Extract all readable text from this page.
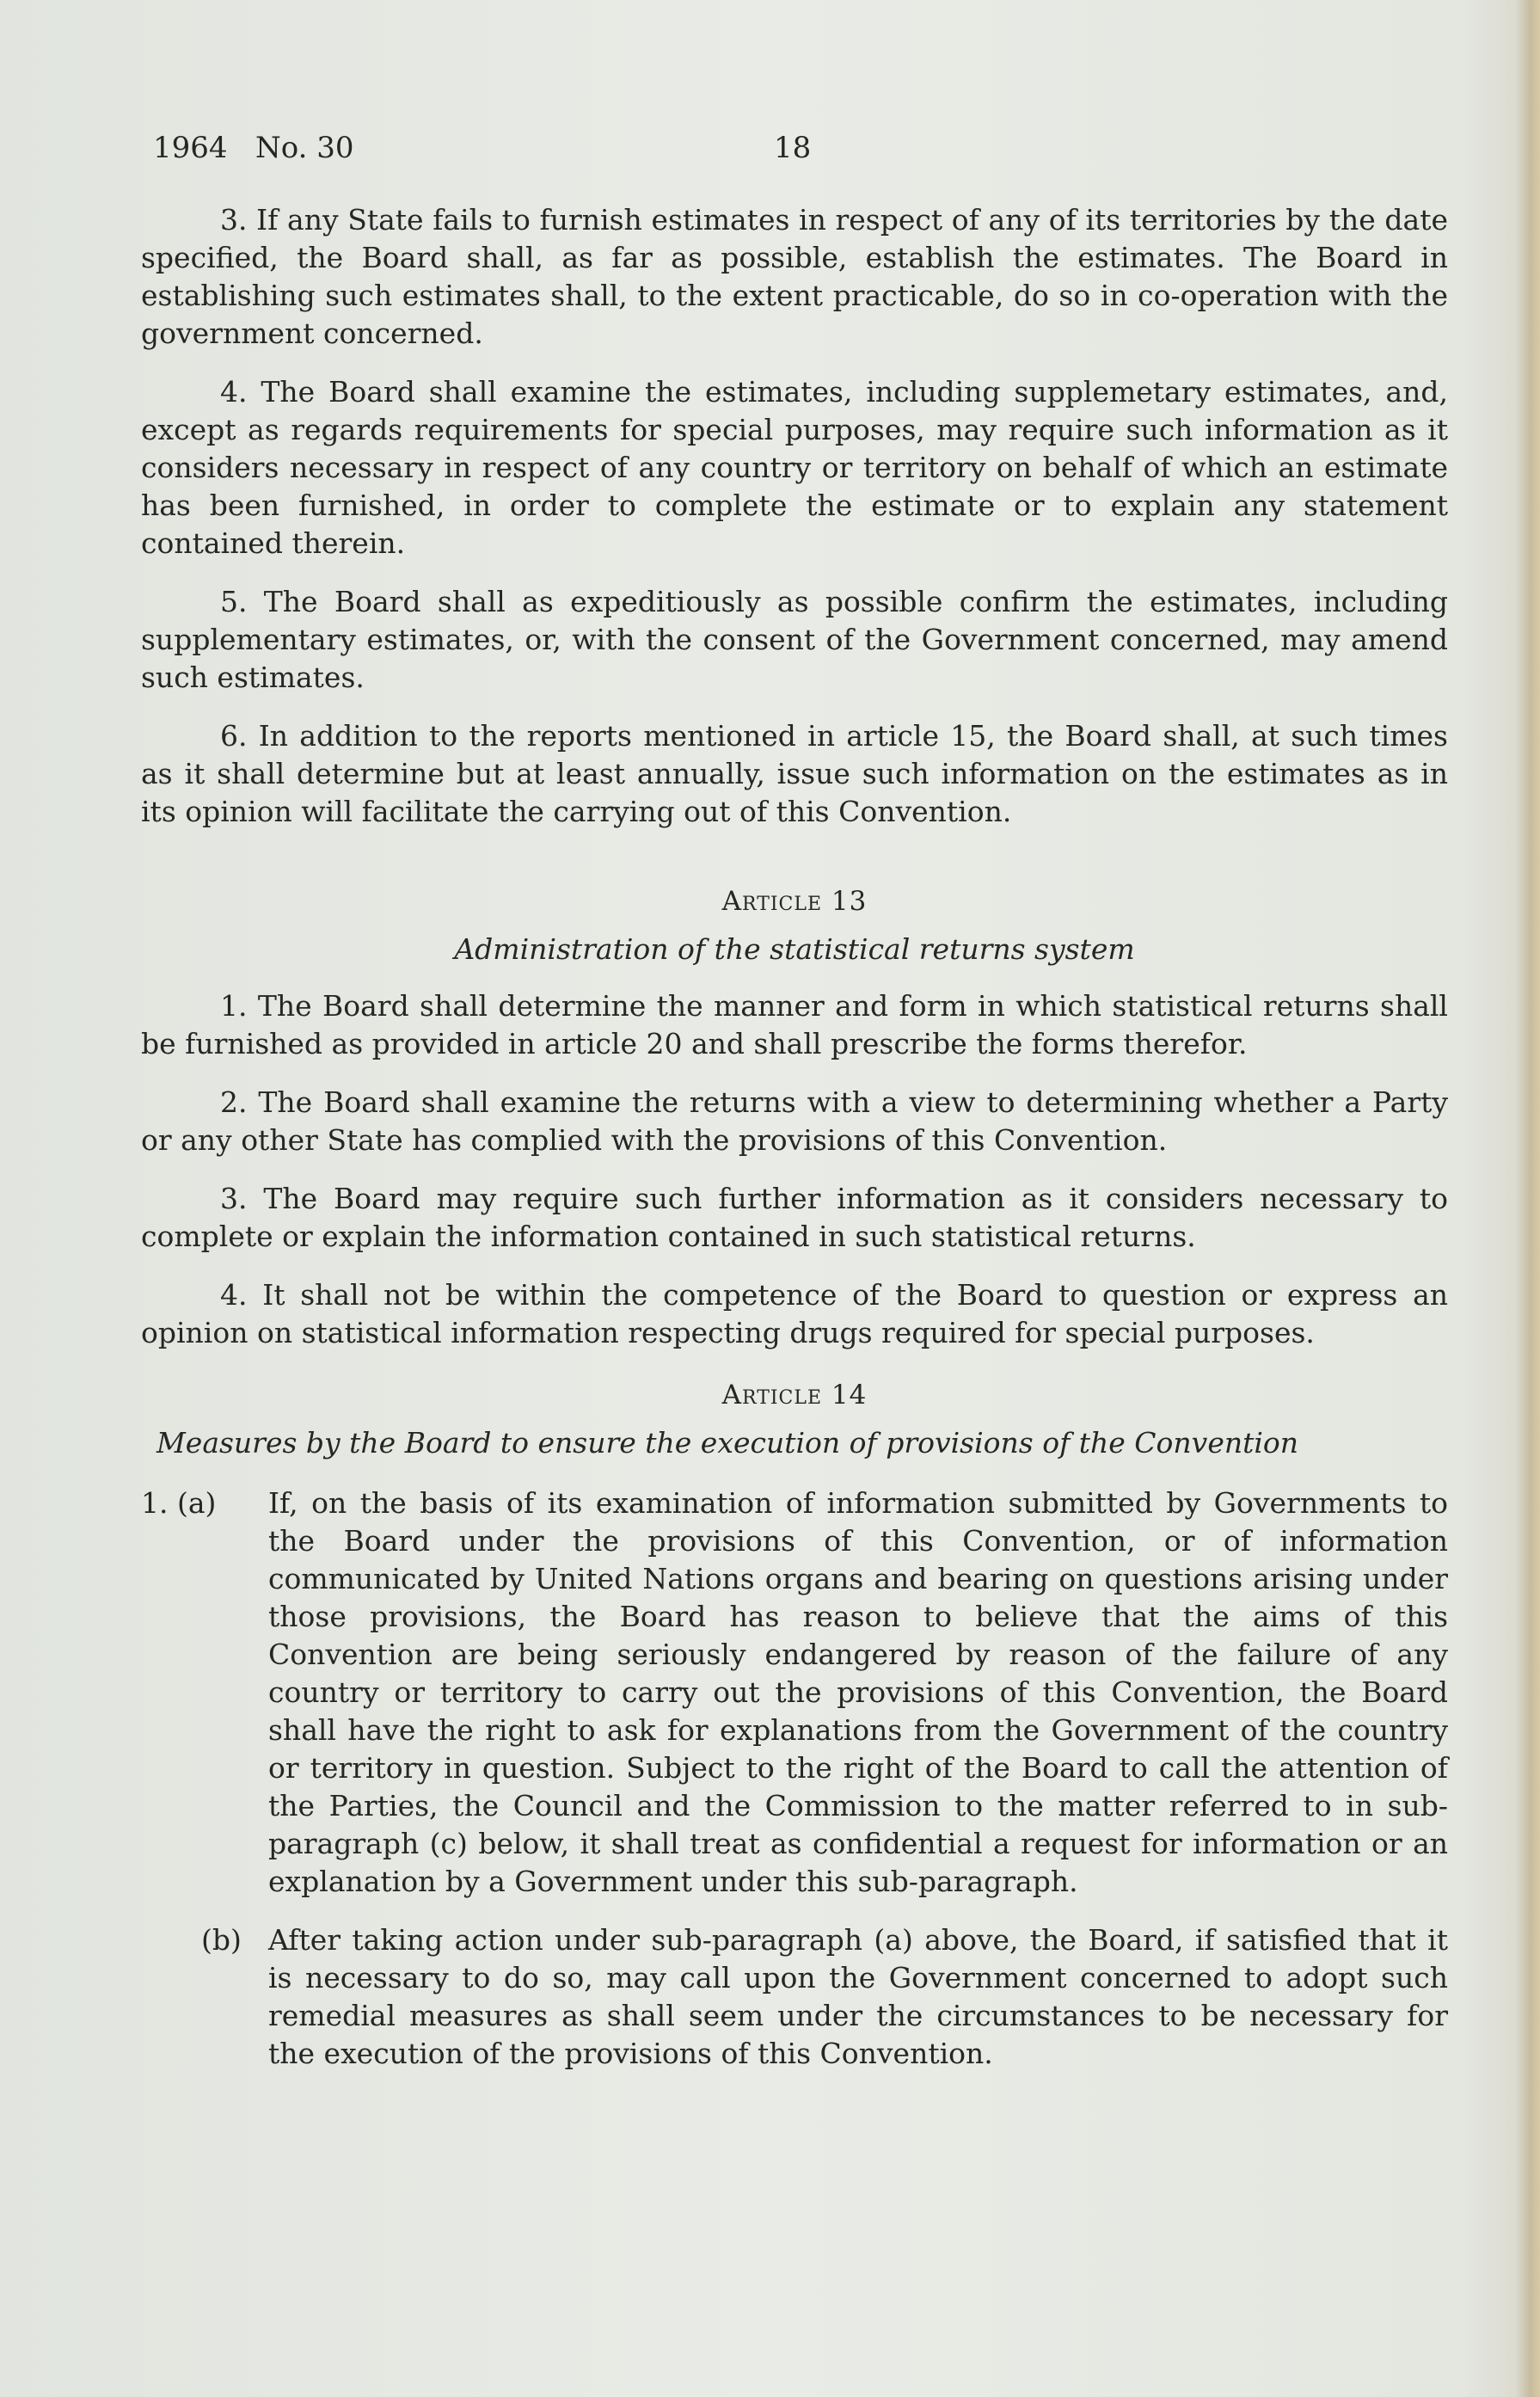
1964   No. 30	18

3. If any State fails to furnish estimates in respect of any of its territories by the date specified, the Board shall, as far as possible, establish the estimates. The Board in establishing such estimates shall, to the extent practicable, do so in co-operation with the government concerned.

4. The Board shall examine the estimates, including supplemetary estimates, and, except as regards requirements for special purposes, may require such information as it considers necessary in respect of any country or territory on behalf of which an estimate has been furnished, in order to complete the estimate or to explain any statement contained therein.

5. The Board shall as expeditiously as possible confirm the estimates, including supplementary estimates, or, with the consent of the Government concerned, may amend such estimates.

6. In addition to the reports mentioned in article 15, the Board shall, at such times as it shall determine but at least annually, issue such information on the estimates as in its opinion will facilitate the carrying out of this Convention.

Article 13
Administration of the statistical returns system

1. The Board shall determine the manner and form in which statistical returns shall be furnished as provided in article 20 and shall prescribe the forms therefor.

2. The Board shall examine the returns with a view to determining whether a Party or any other State has complied with the provisions of this Convention.

3. The Board may require such further information as it considers necessary to complete or explain the information contained in such statistical returns.

4. It shall not be within the competence of the Board to question or express an opinion on statistical information respecting drugs required for special purposes.

Article 14
Measures by the Board to ensure the execution of provisions of the Convention
1. (a) If, on the basis of its examination of information submitted by Governments to the Board under the provisions of this Convention, or of information communicated by United Nations organs and bearing on questions arising under those provisions, the Board has reason to believe that the aims of this Convention are being seriously endangered by reason of the failure of any country or territory to carry out the provisions of this Convention, the Board shall have the right to ask for explanations from the Government of the country or territory in question. Subject to the right of the Board to call the attention of the Parties, the Council and the Commission to the matter referred to in sub-paragraph (c) below, it shall treat as confidential a request for information or an explanation by a Government under this sub-paragraph.
(b) After taking action under sub-paragraph (a) above, the Board, if satisfied that it is necessary to do so, may call upon the Government concerned to adopt such remedial measures as shall seem under the circumstances to be necessary for the execution of the provisions of this Convention.
